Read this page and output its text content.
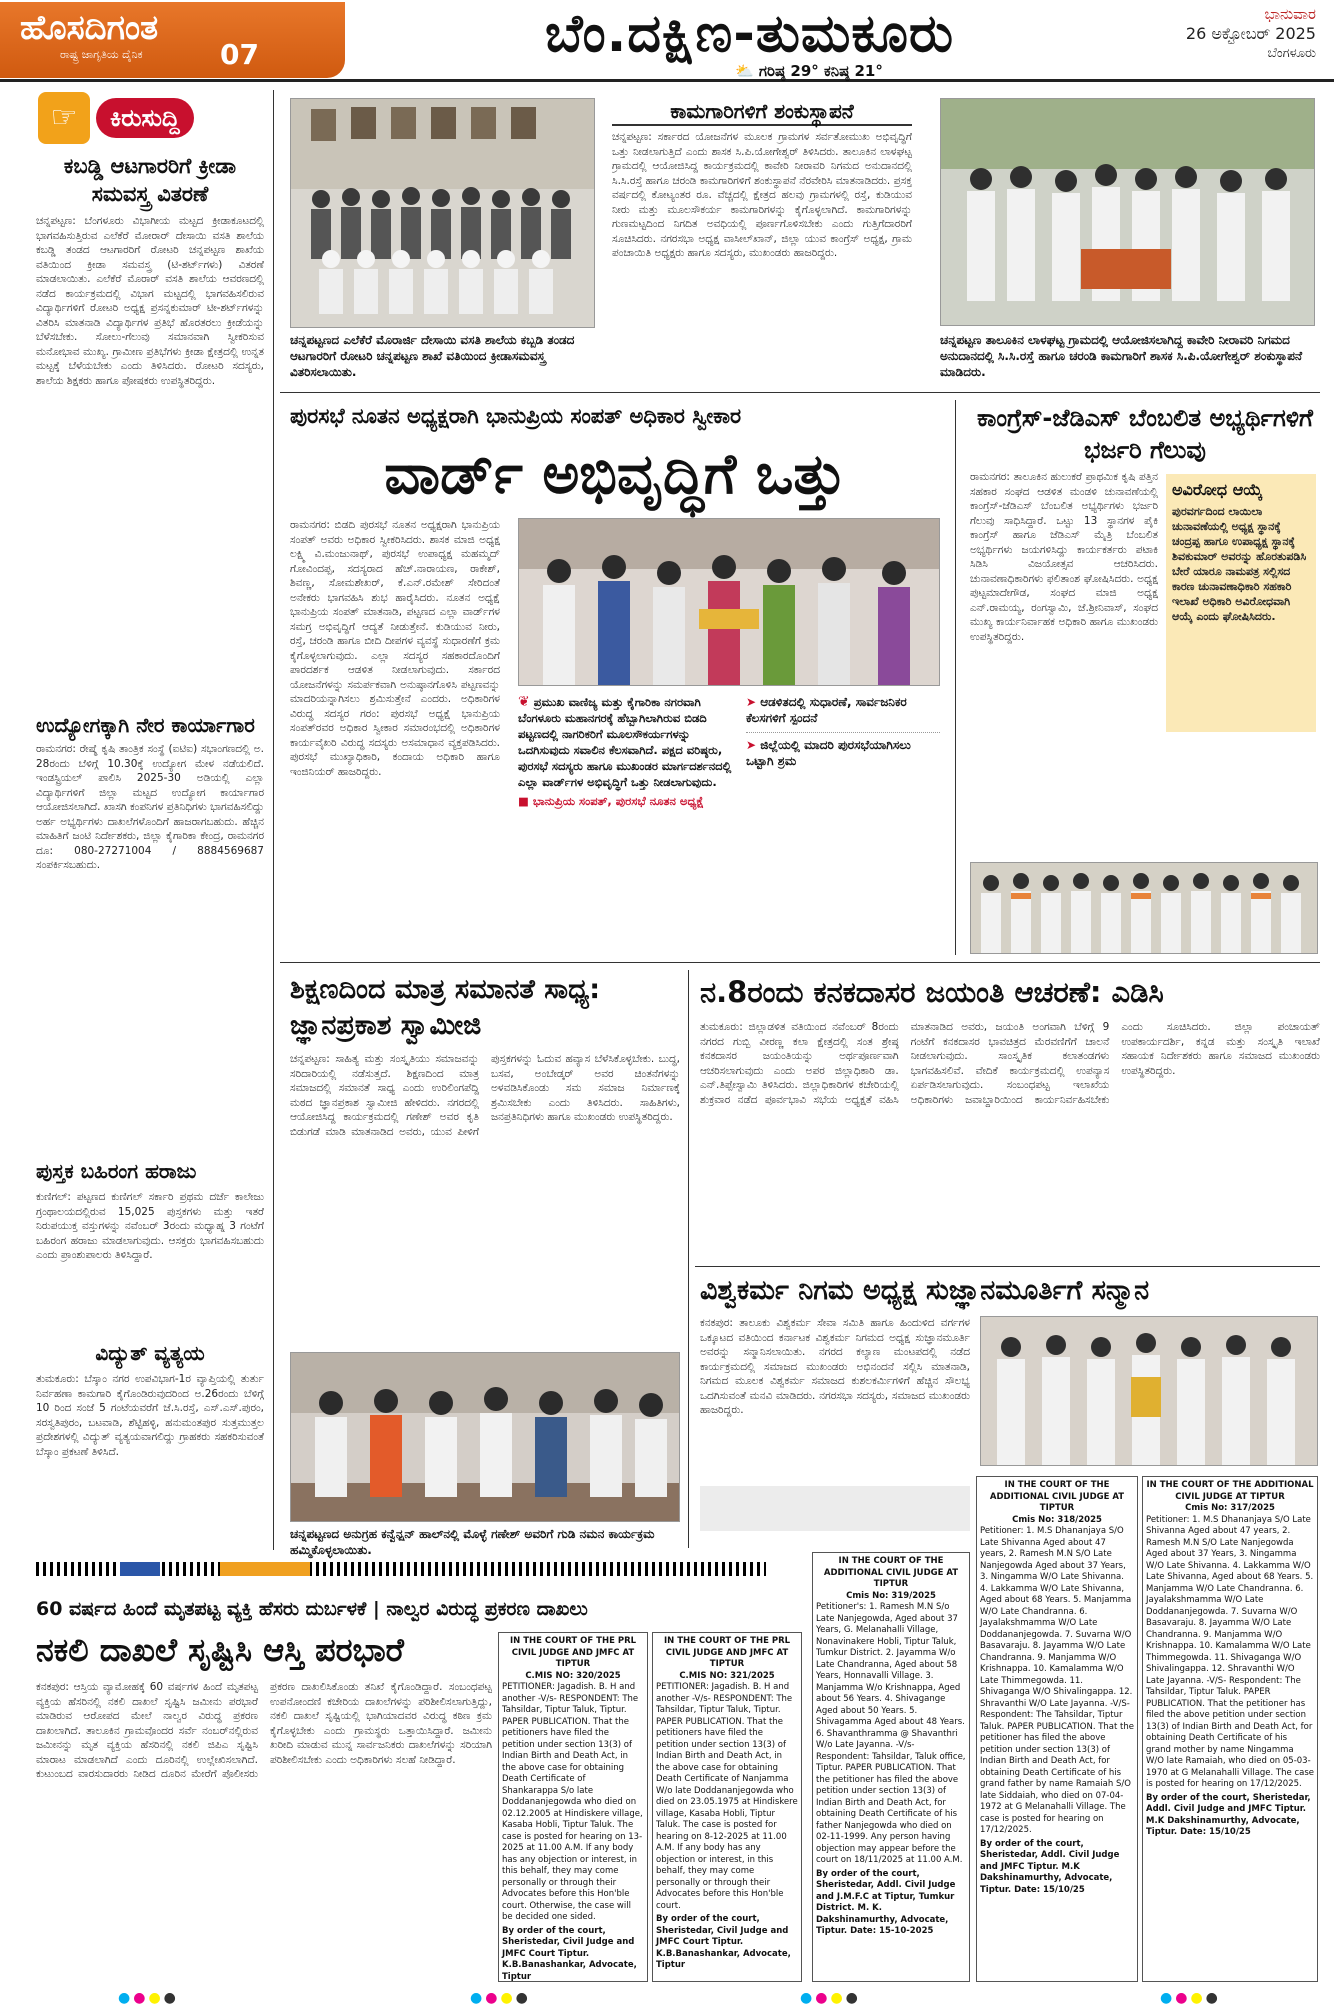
ಹೊಸದಿಗಂತ
ರಾಷ್ಟ್ರ ಜಾಗೃತಿಯ ದೈನಿಕ	07	ಬೆಂ.ದಕ್ಷಿಣ-ತುಮಕೂರು
⛅ ಗರಿಷ್ಠ 29° ಕನಿಷ್ಠ 21°
ಭಾನುವಾರ
26 ಅಕ್ಟೋಬರ್ 2025
ಬೆಂಗಳೂರು
☞	ಕಿರುಸುದ್ದಿ
ಕಬಡ್ಡಿ ಆಟಗಾರರಿಗೆ ಕ್ರೀಡಾ ಸಮವಸ್ತ್ರ ವಿತರಣೆ
ಚನ್ನಪಟ್ಟಣ: ಬೆಂಗಳೂರು ವಿಭಾಗೀಯ ಮಟ್ಟದ ಕ್ರೀಡಾಕೂಟದಲ್ಲಿ ಭಾಗವಹಿಸುತ್ತಿರುವ ಎಲೆಕೆರೆ ಮೋರಾರ್ ದೇಸಾಯಿ ವಸತಿ ಶಾಲೆಯ ಕಬಡ್ಡಿ ತಂಡದ ಆಟಗಾರರಿಗೆ ರೋಟರಿ ಚನ್ನಪಟ್ಟಣ ಶಾಖೆಯ ವತಿಯಿಂದ ಕ್ರೀಡಾ ಸಮವಸ್ತ್ರ (ಟಿ-ಶರ್ಟ್‌ಗಳು) ವಿತರಣೆ ಮಾಡಲಾಯಿತು. ಎಲೆಕೆರೆ ಮೊರಾರ್ ವಸತಿ ಶಾಲೆಯ ಆವರಣದಲ್ಲಿ ನಡೆದ ಕಾರ್ಯಕ್ರಮದಲ್ಲಿ ವಿಭಾಗ ಮಟ್ಟದಲ್ಲಿ ಭಾಗವಹಿಸಲಿರುವ ವಿದ್ಯಾರ್ಥಿಗಳಿಗೆ ರೋಟರಿ ಅಧ್ಯಕ್ಷ ಪ್ರಸನ್ನಕುಮಾರ್ ಟೀ-ಶರ್ಟ್‌ಗಳನ್ನು ವಿತರಿಸಿ ಮಾತನಾಡಿ ವಿದ್ಯಾರ್ಥಿಗಳ ಪ್ರತಿಭೆ ಹೊರತರಲು ಕ್ರೀಡೆಯನ್ನು ಬೆಳೆಸಬೇಕು. ಸೋಲು-ಗೆಲುವು ಸಮಾನವಾಗಿ ಸ್ವೀಕರಿಸುವ ಮನೋಭಾವ ಮುಖ್ಯ. ಗ್ರಾಮೀಣ ಪ್ರತಿಭೆಗಳು ಕ್ರೀಡಾ ಕ್ಷೇತ್ರದಲ್ಲಿ ಉನ್ನತ ಮಟ್ಟಕ್ಕೆ ಬೆಳೆಯಬೇಕು ಎಂದು ತಿಳಿಸಿದರು. ರೋಟರಿ ಸದಸ್ಯರು, ಶಾಲೆಯ ಶಿಕ್ಷಕರು ಹಾಗೂ ಪೋಷಕರು ಉಪಸ್ಥಿತರಿದ್ದರು.
ಉದ್ಯೋಗಕ್ಕಾಗಿ ನೇರ ಕಾರ್ಯಾಗಾರ
ರಾಮನಗರ: ರೇಷ್ಮೆ ಕೃಷಿ ತಾಂತ್ರಿಕ ಸಂಸ್ಥೆ (ಐಟಿಐ) ಸಭಾಂಗಣದಲ್ಲಿ ಅ. 28ರಂದು ಬೆಳಿಗ್ಗೆ 10.30ಕ್ಕೆ ಉದ್ಯೋಗ ಮೇಳ ನಡೆಯಲಿದೆ. ಇಂಡಸ್ಟ್ರಿಯಲ್ ಪಾಲಿಸಿ 2025-30 ಅಡಿಯಲ್ಲಿ ಎಲ್ಲಾ ವಿದ್ಯಾರ್ಥಿಗಳಿಗೆ ಜಿಲ್ಲಾ ಮಟ್ಟದ ಉದ್ಯೋಗ ಕಾರ್ಯಾಗಾರ ಆಯೋಜಿಸಲಾಗಿದೆ. ಖಾಸಗಿ ಕಂಪನಿಗಳ ಪ್ರತಿನಿಧಿಗಳು ಭಾಗವಹಿಸಲಿದ್ದು ಅರ್ಹ ಅಭ್ಯರ್ಥಿಗಳು ದಾಖಲೆಗಳೊಂದಿಗೆ ಹಾಜರಾಗಬಹುದು. ಹೆಚ್ಚಿನ ಮಾಹಿತಿಗೆ ಜಂಟಿ ನಿರ್ದೇಶಕರು, ಜಿಲ್ಲಾ ಕೈಗಾರಿಕಾ ಕೇಂದ್ರ, ರಾಮನಗರ ದೂ: 080-27271004 / 8884569687 ಸಂಪರ್ಕಿಸಬಹುದು.
ಪುಸ್ತಕ ಬಹಿರಂಗ ಹರಾಜು
ಕುಣಿಗಲ್: ಪಟ್ಟಣದ ಕುಣಿಗಲ್ ಸರ್ಕಾರಿ ಪ್ರಥಮ ದರ್ಜೆ ಕಾಲೇಜು ಗ್ರಂಥಾಲಯದಲ್ಲಿರುವ 15,025 ಪುಸ್ತಕಗಳು ಮತ್ತು ಇತರೆ ನಿರುಪಯುಕ್ತ ವಸ್ತುಗಳನ್ನು ನವೆಂಬರ್ 3ರಂದು ಮಧ್ಯಾಹ್ನ 3 ಗಂಟೆಗೆ ಬಹಿರಂಗ ಹರಾಜು ಮಾಡಲಾಗುವುದು. ಆಸಕ್ತರು ಭಾಗವಹಿಸಬಹುದು ಎಂದು ಪ್ರಾಂಶುಪಾಲರು ತಿಳಿಸಿದ್ದಾರೆ.
ವಿದ್ಯುತ್ ವ್ಯತ್ಯಯ
ತುಮಕೂರು: ಬೆಸ್ಕಾಂ ನಗರ ಉಪವಿಭಾಗ-1ರ ವ್ಯಾಪ್ತಿಯಲ್ಲಿ ತುರ್ತು ನಿರ್ವಹಣಾ ಕಾಮಗಾರಿ ಕೈಗೊಂಡಿರುವುದರಿಂದ ಅ.26ರಂದು ಬೆಳಿಗ್ಗೆ 10 ರಿಂದ ಸಂಜೆ 5 ಗಂಟೆಯವರೆಗೆ ಜೆ.ಸಿ.ರಸ್ತೆ, ಎಸ್.ಎಸ್.ಪುರಂ, ಸರಸ್ವತಿಪುರಂ, ಬಟವಾಡಿ, ಶೆಟ್ಟಿಹಳ್ಳಿ, ಹನುಮಂತಪುರ ಸುತ್ತಮುತ್ತಲ ಪ್ರದೇಶಗಳಲ್ಲಿ ವಿದ್ಯುತ್ ವ್ಯತ್ಯಯವಾಗಲಿದ್ದು ಗ್ರಾಹಕರು ಸಹಕರಿಸುವಂತೆ ಬೆಸ್ಕಾಂ ಪ್ರಕಟಣೆ ತಿಳಿಸಿದೆ.
ಚನ್ನಪಟ್ಟಣದ ಎಲೆಕೆರೆ ಮೊರಾರ್ಜಿ ದೇಸಾಯಿ ವಸತಿ ಶಾಲೆಯ ಕಬ್ಬಡಿ ತಂಡದ ಆಟಗಾರರಿಗೆ ರೋಟರಿ ಚನ್ನಪಟ್ಟಣ ಶಾಖೆ ವತಿಯಿಂದ ಕ್ರೀಡಾಸಮವಸ್ತ್ರ ವಿತರಿಸಲಾಯಿತು.
ಕಾಮಗಾರಿಗಳಿಗೆ ಶಂಕುಸ್ಥಾಪನೆ
ಚನ್ನಪಟ್ಟಣ: ಸರ್ಕಾರದ ಯೋಜನೆಗಳ ಮೂಲಕ ಗ್ರಾಮಗಳ ಸರ್ವತೋಮುಖ ಅಭಿವೃದ್ಧಿಗೆ ಒತ್ತು ನೀಡಲಾಗುತ್ತಿದೆ ಎಂದು ಶಾಸಕ ಸಿ.ಪಿ.ಯೋಗೇಶ್ವರ್ ತಿಳಿಸಿದರು. ತಾಲೂಕಿನ ಲಾಳಘಟ್ಟ ಗ್ರಾಮದಲ್ಲಿ ಆಯೋಜಿಸಿದ್ದ ಕಾರ್ಯಕ್ರಮದಲ್ಲಿ ಕಾವೇರಿ ನೀರಾವರಿ ನಿಗಮದ ಅನುದಾನದಲ್ಲಿ ಸಿ.ಸಿ.ರಸ್ತೆ ಹಾಗೂ ಚರಂಡಿ ಕಾಮಗಾರಿಗಳಿಗೆ ಶಂಕುಸ್ಥಾಪನೆ ನೆರವೇರಿಸಿ ಮಾತನಾಡಿದರು. ಪ್ರಸಕ್ತ ವರ್ಷದಲ್ಲಿ ಕೋಟ್ಯಂತರ ರೂ. ವೆಚ್ಚದಲ್ಲಿ ಕ್ಷೇತ್ರದ ಹಲವು ಗ್ರಾಮಗಳಲ್ಲಿ ರಸ್ತೆ, ಕುಡಿಯುವ ನೀರು ಮತ್ತು ಮೂಲಸೌಕರ್ಯ ಕಾಮಗಾರಿಗಳನ್ನು ಕೈಗೊಳ್ಳಲಾಗಿದೆ. ಕಾಮಗಾರಿಗಳನ್ನು ಗುಣಮಟ್ಟದಿಂದ ನಿಗದಿತ ಅವಧಿಯಲ್ಲಿ ಪೂರ್ಣಗೊಳಿಸಬೇಕು ಎಂದು ಗುತ್ತಿಗೆದಾರರಿಗೆ ಸೂಚಿಸಿದರು. ನಗರಸಭಾ ಅಧ್ಯಕ್ಷ ವಾಸೀಲ್‌ಖಾನ್, ಜಿಲ್ಲಾ ಯುವ ಕಾಂಗ್ರೆಸ್ ಅಧ್ಯಕ್ಷ, ಗ್ರಾಮ ಪಂಚಾಯಿತಿ ಅಧ್ಯಕ್ಷರು ಹಾಗೂ ಸದಸ್ಯರು, ಮುಖಂಡರು ಹಾಜರಿದ್ದರು.
ಚನ್ನಪಟ್ಟಣ ತಾಲೂಕಿನ ಲಾಳಘಟ್ಟ ಗ್ರಾಮದಲ್ಲಿ ಆಯೋಜಿಸಲಾಗಿದ್ದ ಕಾವೇರಿ ನೀರಾವರಿ ನಿಗಮದ ಅನುದಾನದಲ್ಲಿ ಸಿ.ಸಿ.ರಸ್ತೆ ಹಾಗೂ ಚರಂಡಿ ಕಾಮಗಾರಿಗೆ ಶಾಸಕ ಸಿ.ಪಿ.ಯೋಗೇಶ್ವರ್ ಶಂಕುಸ್ಥಾಪನೆ ಮಾಡಿದರು.
ಪುರಸಭೆ ನೂತನ ಅಧ್ಯಕ್ಷರಾಗಿ ಭಾನುಪ್ರಿಯ ಸಂಪತ್ ಅಧಿಕಾರ ಸ್ವೀಕಾರ
ವಾರ್ಡ್ ಅಭಿವೃದ್ಧಿಗೆ ಒತ್ತು
ರಾಮನಗರ: ಬಿಡದಿ ಪುರಸಭೆ ನೂತನ ಅಧ್ಯಕ್ಷರಾಗಿ ಭಾನುಪ್ರಿಯ ಸಂಪತ್ ಅವರು ಅಧಿಕಾರ ಸ್ವೀಕರಿಸಿದರು. ಶಾಸಕ ಮಾಜಿ ಅಧ್ಯಕ್ಷ ಲಕ್ಷ್ಮಿ ವಿ.ಮಂಜುನಾಥ್, ಪುರಸಭೆ ಉಪಾಧ್ಯಕ್ಷ ಮಹಮ್ಮದ್ ಗೋವಿಂದಪ್ಪ, ಸದಸ್ಯರಾದ ಹೆಚ್.ನಾರಾಯಣ, ರಾಕೇಶ್, ಶಿವಣ್ಣ, ಸೋಮಶೇಖರ್, ಕೆ.ಎನ್.ರಮೇಶ್ ಸೇರಿದಂತೆ ಅನೇಕರು ಭಾಗವಹಿಸಿ ಶುಭ ಹಾರೈಸಿದರು. ನೂತನ ಅಧ್ಯಕ್ಷೆ ಭಾನುಪ್ರಿಯ ಸಂಪತ್ ಮಾತನಾಡಿ, ಪಟ್ಟಣದ ಎಲ್ಲಾ ವಾರ್ಡ್‌ಗಳ ಸಮಗ್ರ ಅಭಿವೃದ್ಧಿಗೆ ಆದ್ಯತೆ ನೀಡುತ್ತೇನೆ. ಕುಡಿಯುವ ನೀರು, ರಸ್ತೆ, ಚರಂಡಿ ಹಾಗೂ ಬೀದಿ ದೀಪಗಳ ವ್ಯವಸ್ಥೆ ಸುಧಾರಣೆಗೆ ಕ್ರಮ ಕೈಗೊಳ್ಳಲಾಗುವುದು. ಎಲ್ಲಾ ಸದಸ್ಯರ ಸಹಕಾರದೊಂದಿಗೆ ಪಾರದರ್ಶಕ ಆಡಳಿತ ನೀಡಲಾಗುವುದು. ಸರ್ಕಾರದ ಯೋಜನೆಗಳನ್ನು ಸಮರ್ಪಕವಾಗಿ ಅನುಷ್ಠಾನಗೊಳಿಸಿ ಪಟ್ಟಣವನ್ನು ಮಾದರಿಯನ್ನಾಗಿಸಲು ಶ್ರಮಿಸುತ್ತೇನೆ ಎಂದರು. ಅಧಿಕಾರಿಗಳ ವಿರುದ್ಧ ಸದಸ್ಯರ ಗರಂ: ಪುರಸಭೆ ಅಧ್ಯಕ್ಷೆ ಭಾನುಪ್ರಿಯ ಸಂಪತ್‌ರವರ ಅಧಿಕಾರ ಸ್ವೀಕಾರ ಸಮಾರಂಭದಲ್ಲಿ ಅಧಿಕಾರಿಗಳ ಕಾರ್ಯವೈಖರಿ ವಿರುದ್ಧ ಸದಸ್ಯರು ಅಸಮಾಧಾನ ವ್ಯಕ್ತಪಡಿಸಿದರು. ಪುರಸಭೆ ಮುಖ್ಯಾಧಿಕಾರಿ, ಕಂದಾಯ ಅಧಿಕಾರಿ ಹಾಗೂ ಇಂಜಿನಿಯರ್ ಹಾಜರಿದ್ದರು.
❦ ಪ್ರಮುಖ ವಾಣಿಜ್ಯ ಮತ್ತು ಕೈಗಾರಿಕಾ ನಗರವಾಗಿ ಬೆಂಗಳೂರು ಮಹಾನಗರಕ್ಕೆ ಹೆಬ್ಬಾಗಿಲಾಗಿರುವ ಬಿಡದಿ ಪಟ್ಟಣದಲ್ಲಿ ನಾಗರಿಕರಿಗೆ ಮೂಲಸೌಕರ್ಯಗಳನ್ನು ಒದಗಿಸುವುದು ಸವಾಲಿನ ಕೆಲಸವಾಗಿದೆ. ಪಕ್ಷದ ವರಿಷ್ಠರು, ಪುರಸಭೆ ಸದಸ್ಯರು ಹಾಗೂ ಮುಖಂಡರ ಮಾರ್ಗದರ್ಶನದಲ್ಲಿ ಎಲ್ಲಾ ವಾರ್ಡ್‌ಗಳ ಅಭಿವೃದ್ಧಿಗೆ ಒತ್ತು ನೀಡಲಾಗುವುದು.
■ ಭಾನುಪ್ರಿಯ ಸಂಪತ್, ಪುರಸಭೆ ನೂತನ ಅಧ್ಯಕ್ಷೆ
➤ ಆಡಳಿತದಲ್ಲಿ ಸುಧಾರಣೆ, ಸಾರ್ವಜನಿಕರ ಕೆಲಸಗಳಿಗೆ ಸ್ಪಂದನೆ
➤ ಜಿಲ್ಲೆಯಲ್ಲಿ ಮಾದರಿ ಪುರಸಭೆಯಾಗಿಸಲು ಒಟ್ಟಾಗಿ ಶ್ರಮ
ಕಾಂಗ್ರೆಸ್-ಜೆಡಿಎಸ್ ಬೆಂಬಲಿತ ಅಭ್ಯರ್ಥಿಗಳಿಗೆ ಭರ್ಜರಿ ಗೆಲುವು
ರಾಮನಗರ: ತಾಲೂಕಿನ ಹುಲುಕರೆ ಪ್ರಾಥಮಿಕ ಕೃಷಿ ಪತ್ತಿನ ಸಹಕಾರ ಸಂಘದ ಆಡಳಿತ ಮಂಡಳಿ ಚುನಾವಣೆಯಲ್ಲಿ ಕಾಂಗ್ರೆಸ್-ಜೆಡಿಎಸ್ ಬೆಂಬಲಿತ ಅಭ್ಯರ್ಥಿಗಳು ಭರ್ಜರಿ ಗೆಲುವು ಸಾಧಿಸಿದ್ದಾರೆ. ಒಟ್ಟು 13 ಸ್ಥಾನಗಳ ಪೈಕಿ ಕಾಂಗ್ರೆಸ್ ಹಾಗೂ ಜೆಡಿಎಸ್ ಮೈತ್ರಿ ಬೆಂಬಲಿತ ಅಭ್ಯರ್ಥಿಗಳು ಜಯಗಳಿಸಿದ್ದು ಕಾರ್ಯಕರ್ತರು ಪಟಾಕಿ ಸಿಡಿಸಿ ವಿಜಯೋತ್ಸವ ಆಚರಿಸಿದರು. ಚುನಾವಣಾಧಿಕಾರಿಗಳು ಫಲಿತಾಂಶ ಘೋಷಿಸಿದರು. ಅಧ್ಯಕ್ಷ ಪುಟ್ಟಮಾದೇಗೌಡ, ಸಂಘದ ಮಾಜಿ ಅಧ್ಯಕ್ಷ ಎನ್.ರಾಮಯ್ಯ, ರಂಗಸ್ವಾಮಿ, ಜೆ.ಶ್ರೀನಿವಾಸ್, ಸಂಘದ ಮುಖ್ಯ ಕಾರ್ಯನಿರ್ವಾಹಕ ಅಧಿಕಾರಿ ಹಾಗೂ ಮುಖಂಡರು ಉಪಸ್ಥಿತರಿದ್ದರು.
ಅವಿರೋಧ ಆಯ್ಕೆ
ಪುರವರ್ಗದಿಂದ ಲಾಯಿಲಾ ಚುನಾವಣೆಯಲ್ಲಿ ಅಧ್ಯಕ್ಷ ಸ್ಥಾನಕ್ಕೆ ಚಂದ್ರಪ್ಪ ಹಾಗೂ ಉಪಾಧ್ಯಕ್ಷ ಸ್ಥಾನಕ್ಕೆ ಶಿವಕುಮಾರ್ ಅವರನ್ನು ಹೊರತುಪಡಿಸಿ ಬೇರೆ ಯಾರೂ ನಾಮಪತ್ರ ಸಲ್ಲಿಸದ ಕಾರಣ ಚುನಾವಣಾಧಿಕಾರಿ ಸಹಕಾರಿ ಇಲಾಖೆ ಅಧಿಕಾರಿ ಅವಿರೋಧವಾಗಿ ಆಯ್ಕೆ ಎಂದು ಘೋಷಿಸಿದರು.
ಶಿಕ್ಷಣದಿಂದ ಮಾತ್ರ ಸಮಾನತೆ ಸಾಧ್ಯ: ಜ್ಞಾನಪ್ರಕಾಶ ಸ್ವಾಮೀಜಿ
ಚನ್ನಪಟ್ಟಣ: ಸಾಹಿತ್ಯ ಮತ್ತು ಸಂಸ್ಕೃತಿಯು ಸಮಾಜವನ್ನು ಸರಿದಾರಿಯಲ್ಲಿ ನಡೆಸುತ್ತದೆ. ಶಿಕ್ಷಣದಿಂದ ಮಾತ್ರ ಸಮಾಜದಲ್ಲಿ ಸಮಾನತೆ ಸಾಧ್ಯ ಎಂದು ಉರಿಲಿಂಗಪೆದ್ದಿ ಮಠದ ಜ್ಞಾನಪ್ರಕಾಶ ಸ್ವಾಮೀಜಿ ಹೇಳಿದರು. ನಗರದಲ್ಲಿ ಆಯೋಜಿಸಿದ್ದ ಕಾರ್ಯಕ್ರಮದಲ್ಲಿ ಗಣೇಶ್ ಅವರ ಕೃತಿ ಬಿಡುಗಡೆ ಮಾಡಿ ಮಾತನಾಡಿದ ಅವರು, ಯುವ ಪೀಳಿಗೆ ಪುಸ್ತಕಗಳನ್ನು ಓದುವ ಹವ್ಯಾಸ ಬೆಳೆಸಿಕೊಳ್ಳಬೇಕು. ಬುದ್ಧ, ಬಸವ, ಅಂಬೇಡ್ಕರ್ ಅವರ ಚಿಂತನೆಗಳನ್ನು ಅಳವಡಿಸಿಕೊಂಡು ಸಮ ಸಮಾಜ ನಿರ್ಮಾಣಕ್ಕೆ ಶ್ರಮಿಸಬೇಕು ಎಂದು ತಿಳಿಸಿದರು. ಸಾಹಿತಿಗಳು, ಜನಪ್ರತಿನಿಧಿಗಳು ಹಾಗೂ ಮುಖಂಡರು ಉಪಸ್ಥಿತರಿದ್ದರು.
ಚನ್ನಪಟ್ಟಣದ ಅನುಗ್ರಹ ಕನ್ವೆನ್ಷನ್ ಹಾಲ್‌ನಲ್ಲಿ ಮೊಳ್ಳೆ ಗಣೇಶ್ ಅವರಿಗೆ ಗುಡಿ ನಮನ ಕಾರ್ಯಕ್ರಮ ಹಮ್ಮಿಕೊಳ್ಳಲಾಯಿತು.
ನ.8ರಂದು ಕನಕದಾಸರ ಜಯಂತಿ ಆಚರಣೆ: ಎಡಿಸಿ
ತುಮಕೂರು: ಜಿಲ್ಲಾಡಳಿತ ವತಿಯಿಂದ ನವೆಂಬರ್ 8ರಂದು ನಗರದ ಗುಬ್ಬಿ ವೀರಣ್ಣ ಕಲಾ ಕ್ಷೇತ್ರದಲ್ಲಿ ಸಂತ ಶ್ರೇಷ್ಠ ಕನಕದಾಸರ ಜಯಂತಿಯನ್ನು ಅರ್ಥಪೂರ್ಣವಾಗಿ ಆಚರಿಸಲಾಗುವುದು ಎಂದು ಅಪರ ಜಿಲ್ಲಾಧಿಕಾರಿ ಡಾ. ಎನ್.ತಿಪ್ಪೇಸ್ವಾಮಿ ತಿಳಿಸಿದರು. ಜಿಲ್ಲಾಧಿಕಾರಿಗಳ ಕಚೇರಿಯಲ್ಲಿ ಶುಕ್ರವಾರ ನಡೆದ ಪೂರ್ವಭಾವಿ ಸಭೆಯ ಅಧ್ಯಕ್ಷತೆ ವಹಿಸಿ ಮಾತನಾಡಿದ ಅವರು, ಜಯಂತಿ ಅಂಗವಾಗಿ ಬೆಳಿಗ್ಗೆ 9 ಗಂಟೆಗೆ ಕನಕದಾಸರ ಭಾವಚಿತ್ರದ ಮೆರವಣಿಗೆಗೆ ಚಾಲನೆ ನೀಡಲಾಗುವುದು. ಸಾಂಸ್ಕೃತಿಕ ಕಲಾತಂಡಗಳು ಭಾಗವಹಿಸಲಿವೆ. ವೇದಿಕೆ ಕಾರ್ಯಕ್ರಮದಲ್ಲಿ ಉಪನ್ಯಾಸ ಏರ್ಪಡಿಸಲಾಗುವುದು. ಸಂಬಂಧಪಟ್ಟ ಇಲಾಖೆಯ ಅಧಿಕಾರಿಗಳು ಜವಾಬ್ದಾರಿಯಿಂದ ಕಾರ್ಯನಿರ್ವಹಿಸಬೇಕು ಎಂದು ಸೂಚಿಸಿದರು. ಜಿಲ್ಲಾ ಪಂಚಾಯತ್ ಉಪಕಾರ್ಯದರ್ಶಿ, ಕನ್ನಡ ಮತ್ತು ಸಂಸ್ಕೃತಿ ಇಲಾಖೆ ಸಹಾಯಕ ನಿರ್ದೇಶಕರು ಹಾಗೂ ಸಮಾಜದ ಮುಖಂಡರು ಉಪಸ್ಥಿತರಿದ್ದರು.
ವಿಶ್ವಕರ್ಮ ನಿಗಮ ಅಧ್ಯಕ್ಷ ಸುಜ್ಞಾನಮೂರ್ತಿಗೆ ಸನ್ಮಾನ
ಕನಕಪುರ: ತಾಲೂಕು ವಿಶ್ವಕರ್ಮ ಸೇವಾ ಸಮಿತಿ ಹಾಗೂ ಹಿಂದುಳಿದ ವರ್ಗಗಳ ಒಕ್ಕೂಟದ ವತಿಯಿಂದ ಕರ್ನಾಟಕ ವಿಶ್ವಕರ್ಮ ನಿಗಮದ ಅಧ್ಯಕ್ಷ ಸುಜ್ಞಾನಮೂರ್ತಿ ಅವರನ್ನು ಸನ್ಮಾನಿಸಲಾಯಿತು. ನಗರದ ಕಲ್ಯಾಣ ಮಂಟಪದಲ್ಲಿ ನಡೆದ ಕಾರ್ಯಕ್ರಮದಲ್ಲಿ ಸಮಾಜದ ಮುಖಂಡರು ಅಭಿನಂದನೆ ಸಲ್ಲಿಸಿ ಮಾತನಾಡಿ, ನಿಗಮದ ಮೂಲಕ ವಿಶ್ವಕರ್ಮ ಸಮಾಜದ ಕುಶಲಕರ್ಮಿಗಳಿಗೆ ಹೆಚ್ಚಿನ ಸೌಲಭ್ಯ ಒದಗಿಸುವಂತೆ ಮನವಿ ಮಾಡಿದರು. ನಗರಸಭಾ ಸದಸ್ಯರು, ಸಮಾಜದ ಮುಖಂಡರು ಹಾಜರಿದ್ದರು.
60 ವರ್ಷದ ಹಿಂದೆ ಮೃತಪಟ್ಟ ವ್ಯಕ್ತಿ ಹೆಸರು ದುರ್ಬಳಕೆ | ನಾಲ್ವರ ವಿರುದ್ಧ ಪ್ರಕರಣ ದಾಖಲು
ನಕಲಿ ದಾಖಲೆ ಸೃಷ್ಟಿಸಿ ಆಸ್ತಿ ಪರಭಾರೆ
ಕನಕಪುರ: ಆಸ್ತಿಯ ವ್ಯಾಮೋಹಕ್ಕೆ 60 ವರ್ಷಗಳ ಹಿಂದೆ ಮೃತಪಟ್ಟ ವ್ಯಕ್ತಿಯ ಹೆಸರಿನಲ್ಲಿ ನಕಲಿ ದಾಖಲೆ ಸೃಷ್ಟಿಸಿ ಜಮೀನು ಪರಭಾರೆ ಮಾಡಿರುವ ಆರೋಪದ ಮೇಲೆ ನಾಲ್ವರ ವಿರುದ್ಧ ಪ್ರಕರಣ ದಾಖಲಾಗಿದೆ. ತಾಲೂಕಿನ ಗ್ರಾಮವೊಂದರ ಸರ್ವೆ ನಂಬರ್‌ನಲ್ಲಿರುವ ಜಮೀನನ್ನು ಮೃತ ವ್ಯಕ್ತಿಯ ಹೆಸರಿನಲ್ಲಿ ನಕಲಿ ಜಿಪಿಎ ಸೃಷ್ಟಿಸಿ ಮಾರಾಟ ಮಾಡಲಾಗಿದೆ ಎಂದು ದೂರಿನಲ್ಲಿ ಉಲ್ಲೇಖಿಸಲಾಗಿದೆ. ಕುಟುಂಬದ ವಾರಸುದಾರರು ನೀಡಿದ ದೂರಿನ ಮೇರೆಗೆ ಪೊಲೀಸರು ಪ್ರಕರಣ ದಾಖಲಿಸಿಕೊಂಡು ತನಿಖೆ ಕೈಗೊಂಡಿದ್ದಾರೆ. ಸಂಬಂಧಪಟ್ಟ ಉಪನೋಂದಣಿ ಕಚೇರಿಯ ದಾಖಲೆಗಳನ್ನು ಪರಿಶೀಲಿಸಲಾಗುತ್ತಿದ್ದು, ನಕಲಿ ದಾಖಲೆ ಸೃಷ್ಟಿಯಲ್ಲಿ ಭಾಗಿಯಾದವರ ವಿರುದ್ಧ ಕಠಿಣ ಕ್ರಮ ಕೈಗೊಳ್ಳಬೇಕು ಎಂದು ಗ್ರಾಮಸ್ಥರು ಒತ್ತಾಯಿಸಿದ್ದಾರೆ. ಜಮೀನು ಖರೀದಿ ಮಾಡುವ ಮುನ್ನ ಸಾರ್ವಜನಿಕರು ದಾಖಲೆಗಳನ್ನು ಸರಿಯಾಗಿ ಪರಿಶೀಲಿಸಬೇಕು ಎಂದು ಅಧಿಕಾರಿಗಳು ಸಲಹೆ ನೀಡಿದ್ದಾರೆ.
IN THE COURT OF THE PRL CIVIL JUDGE AND JMFC AT TIPTUR
C.MIS NO: 320/2025
PETITIONER: Jagadish. B. H and another -V/s- RESPONDENT: The Tahsildar, Tiptur Taluk, Tiptur. PAPER PUBLICATION. That the petitioners have filed the petition under section 13(3) of Indian Birth and Death Act, in the above case for obtaining Death Certificate of Shankarappa S/o late Doddananjegowda who died on 02.12.2005 at Hindiskere village, Kasaba Hobli, Tiptur Taluk. The case is posted for hearing on 13-2025 at 11.00 A.M. If any body has any objection or interest, in this behalf, they may come personally or through their Advocates before this Hon'ble court. Otherwise, the case will be decided one sided.
By order of the court, Sheristedar, Civil Judge and JMFC Court Tiptur. K.B.Banashankar, Advocate, Tiptur
IN THE COURT OF THE PRL CIVIL JUDGE AND JMFC AT TIPTUR
C.MIS NO: 321/2025
PETITIONER: Jagadish. B. H and another -V/s- RESPONDENT: The Tahsildar, Tiptur Taluk, Tiptur. PAPER PUBLICATION. That the petitioners have filed the petition under section 13(3) of Indian Birth and Death Act, in the above case for obtaining Death Certificate of Nanjamma W/o late Doddananjegowda who died on 23.05.1975 at Hindiskere village, Kasaba Hobli, Tiptur Taluk. The case is posted for hearing on 8-12-2025 at 11.00 A.M. If any body has any objection or interest, in this behalf, they may come personally or through their Advocates before this Hon'ble court.
By order of the court, Sheristedar, Civil Judge and JMFC Court Tiptur. K.B.Banashankar, Advocate, Tiptur
IN THE COURT OF THE ADDITIONAL CIVIL JUDGE AT TIPTUR
Cmis No: 319/2025
Petitioner's: 1. Ramesh M.N S/o Late Nanjegowda, Aged about 37 Years, G. Melanahalli Village, Nonavinakere Hobli, Tiptur Taluk, Tumkur District. 2. Jayamma W/o Late Chandranna, Aged about 58 Years, Honnavalli Village. 3. Manjamma W/o Krishnappa, Aged about 56 Years. 4. Shivagange Aged about 50 Years. 5. Shivagamma Aged about 48 Years. 6. Shavanthramma @ Shavanthri W/o Late Jayanna. -V/s- Respondent: Tahsildar, Taluk office, Tiptur. PAPER PUBLICATION. That the petitioner has filed the above petition under section 13(3) of Indian Birth and Death Act, for obtaining Death Certificate of his father Nanjegowda who died on 02-11-1999. Any person having objection may appear before the court on 18/11/2025 at 11.00 A.M.
By order of the court, Sheristedar, Addl. Civil Judge and J.M.F.C at Tiptur, Tumkur District. M. K. Dakshinamurthy, Advocate, Tiptur. Date: 15-10-2025
IN THE COURT OF THE ADDITIONAL CIVIL JUDGE AT TIPTUR
Cmis No: 318/2025
Petitioner: 1. M.S Dhananjaya S/O Late Shivanna Aged about 47 years, 2. Ramesh M.N S/O Late Nanjegowda Aged about 37 Years, 3. Ningamma W/O Late Shivanna. 4. Lakkamma W/O Late Shivanna, Aged about 68 Years. 5. Manjamma W/O Late Chandranna. 6. Jayalakshmamma W/O Late Doddananjegowda. 7. Suvarna W/O Basavaraju. 8. Jayamma W/O Late Chandranna. 9. Manjamma W/O Krishnappa. 10. Kamalamma W/O Late Thimmegowda. 11. Shivaganga W/O Shivalingappa. 12. Shravanthi W/O Late Jayanna. -V/S- Respondent: The Tahsildar, Tiptur Taluk. PAPER PUBLICATION. That the petitioner has filed the above petition under section 13(3) of Indian Birth and Death Act, for obtaining Death Certificate of his grand father by name Ramaiah S/O late Siddaiah, who died on 07-04-1972 at G Melanahalli Village. The case is posted for hearing on 17/12/2025.
By order of the court, Sheristedar, Addl. Civil Judge and JMFC Tiptur. M.K Dakshinamurthy, Advocate, Tiptur. Date: 15/10/25
IN THE COURT OF THE ADDITIONAL CIVIL JUDGE AT TIPTUR
Cmis No: 317/2025
Petitioner: 1. M.S Dhananjaya S/O Late Shivanna Aged about 47 years, 2. Ramesh M.N S/O Late Nanjegowda Aged about 37 Years, 3. Ningamma W/O Late Shivanna. 4. Lakkamma W/O Late Shivanna, Aged about 68 Years. 5. Manjamma W/O Late Chandranna. 6. Jayalakshmamma W/O Late Doddananjegowda. 7. Suvarna W/O Basavaraju. 8. Jayamma W/O Late Chandranna. 9. Manjamma W/O Krishnappa. 10. Kamalamma W/O Late Thimmegowda. 11. Shivaganga W/O Shivalingappa. 12. Shravanthi W/O Late Jayanna. -V/S- Respondent: The Tahsildar, Tiptur Taluk. PAPER PUBLICATION. That the petitioner has filed the above petition under section 13(3) of Indian Birth and Death Act, for obtaining Death Certificate of his grand mother by name Ningamma W/O late Ramaiah, who died on 05-03-1970 at G Melanahalli Village. The case is posted for hearing on 17/12/2025.
By order of the court, Sheristedar, Addl. Civil Judge and JMFC Tiptur. M.K Dakshinamurthy, Advocate, Tiptur. Date: 15/10/25
●●●●	●●●●	●●●●	●●●●
